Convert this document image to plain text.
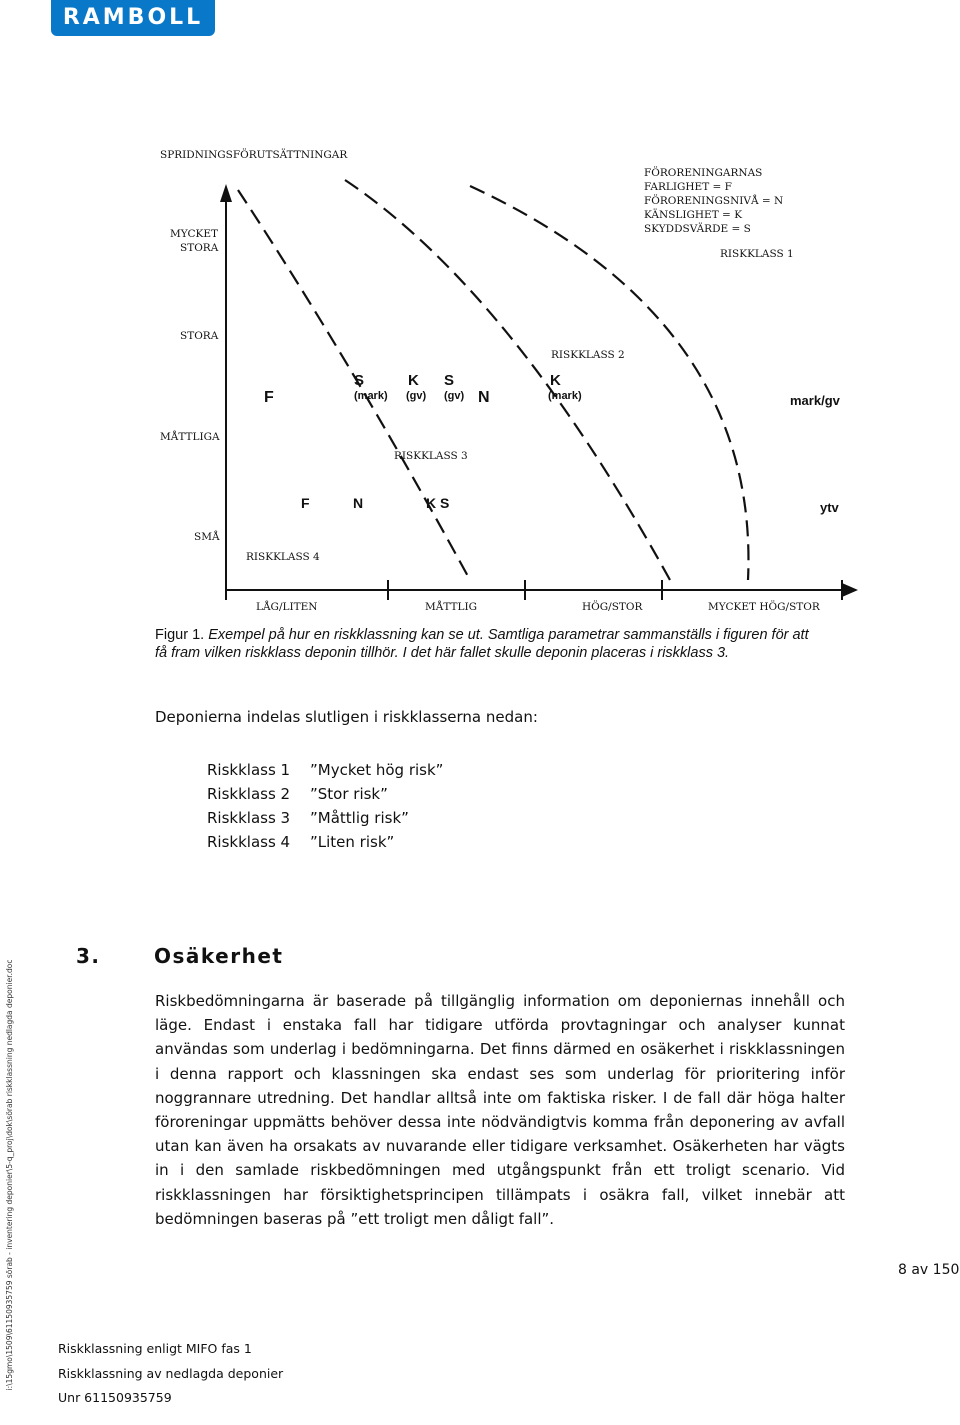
RAMBOLL
SPRIDNINGSFÖRUTSÄTTNINGAR
FÖRORENINGARNAS
FARLIGHET = F
FÖRORENINGSNIVÅ = N
KÄNSLIGHET = K
SKYDDSVÄRDE = S
MYCKET
STORA
STORA
MÅTTLIGA
SMÅ
RISKKLASS 1
RISKKLASS 2
RISKKLASS 3
RISKKLASS 4
F
S
(mark)
K
(gv)
S
(gv) N
K
(mark)	mark/gv
F	N	K S	ytv
LÅG/LITEN	MÅTTLIG	HÖG/STOR	MYCKET HÖG/STOR
Figur 1. Exempel på hur en riskklassning kan se ut. Samtliga parametrar sammanställs i figuren för att få fram vilken riskklass deponin tillhör. I det här fallet skulle deponin placeras i riskklass 3.
Deponierna indelas slutligen i riskklasserna nedan:
Riskklass 1	”Mycket hög risk”
Riskklass 2	”Stor risk”
Riskklass 3	”Måttlig risk”
Riskklass 4	”Liten risk”
i:\15gmo\1509\61150935759 sörab - inventering deponier\5-q_proj\dok\sörab riskklassning nedlagda deponier.doc
3.	Osäkerhet
Riskbedömningarna är baserade på tillgänglig information om deponiernas innehåll och läge. Endast i enstaka fall har tidigare utförda provtagningar och analyser kunnat användas som underlag i bedömningarna. Det finns därmed en osäkerhet i riskklassningen i denna rapport och klassningen ska endast ses som underlag för prioritering inför noggrannare utredning. Det handlar alltså inte om faktiska risker. I de fall där höga halter föroreningar uppmätts behöver dessa inte nödvändigtvis komma från deponering av avfall utan kan även ha orsakats av nuvarande eller tidigare verksamhet. Osäkerheten har vägts in i den samlade riskbedömningen med utgångspunkt från ett troligt scenario. Vid riskklassningen har försiktighetsprincipen tillämpats i osäkra fall, vilket innebär att bedömningen baseras på ”ett troligt men dåligt fall”.
8 av 150
Riskklassning enligt MIFO fas 1
Riskklassning av nedlagda deponier
Unr 61150935759
